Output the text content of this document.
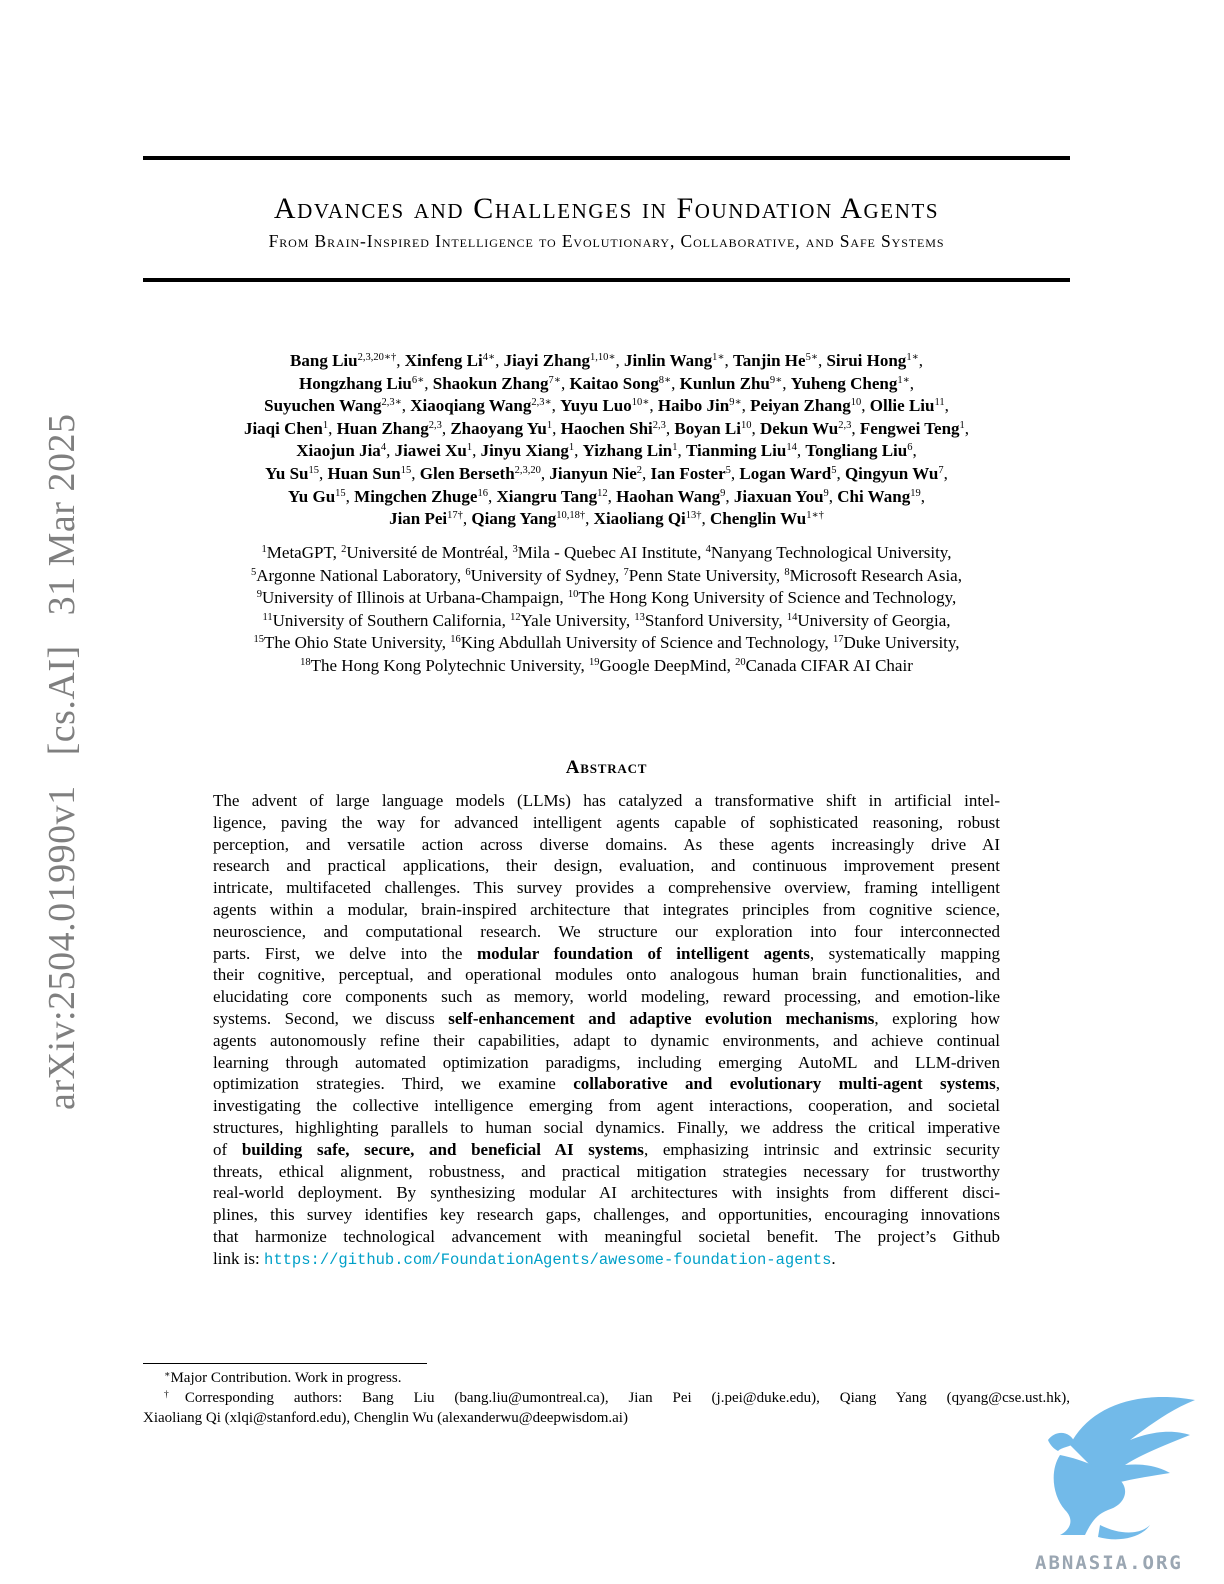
Advances and Challenges in Foundation Agents
From Brain-Inspired Intelligence to Evolutionary, Collaborative, and Safe Systems
arXiv:2504.01990v1 [cs.AI] 31 Mar 2025
Bang Liu$^{2,3,20∗\dagger}$, Xinfeng $Li^{4∗}$, Jiayi Zhang$^{1,10∗}$, Jinlin Wang$^{1∗}$, Tanjin $He^{5∗}$, Sirui Hong$^{1∗}$,
Hongzhang Liu$^{6∗}$, Shaokun Zhang$^{7∗}$, Kaitao Song$^{8∗}$, Kunlun Zhu$^{9∗}$, Yuheng Cheng$^{1∗}$,
Suyuchen Wang$^{2,3∗}$, Xiaoqiang Wang$^{2,3∗}$, Yuyu Luo$^{10∗}$, Haibo Jin$^{9∗}$, Peiyan Zhang$^{10}$, Ollie Liu$^{11}$,
Jiaqi Chen$^1$, Huan Zhang$^{2,3}$, Zhaoyang Yu$^1$, Haochen Shi$^{2,3}$, Boyan Li$^{10}$, Dekun Wu$^{2,3}$, Fengwei Teng$^1$,
Xiaojun Jia$^4$, Jiawei Xu$^1$, Jinyu Xiang$^1$, Yizhang Lin$^1$, Tianming Liu$^{14}$, Tongliang Liu$^6$,
Yu Su$^{15}$, Huan Sun$^{15}$, Glen Berseth$^{2,3,20}$, Jianyun Nie$^2$, Ian Foster$^5$, Logan Ward$^5$, Qingyun Wu$^7$,
Yu Gu$^{15}$, Mingchen Zhuge$^{16}$, Xiangru Tang$^{12}$, Haohan Wang$^9$, Jiaxuan You$^9$, Chi Wang$^{19}$,
Jian Pei$^{17\dagger}$, Qiang Yang$^{10,18\dagger}$, Xiaoliang $Qi^{13\dagger}$, Chenglin $Wu^{1∗\dagger}$
$^1$MetaGPT, $^2$Université de Montréal, $^3$Mila - Quebec AI Institute, $^4$Nanyang Technological University,
$^5$Argonne National Laboratory, $^6$University of Sydney, $^7$Penn State University, $^8$Microsoft Research Asia,
$^9$University of Illinois at Urbana-Champaign, $^{10}$The Hong Kong University of Science and Technology,
$^{11}$University of Southern California, $^{12}$Yale University, $^{13}$Stanford University, $^{14}$University of Georgia,
$^{15}$The Ohio State University, $^{16}$King Abdullah University of Science and Technology, $^{17}$Duke University,
$^{18}$The Hong Kong Polytechnic University, $^{19}$Google DeepMind, $^{20}$Canada CIFAR AI Chair
Abstract
The advent of large language models (LLMs) has catalyzed a transformative shift in artificial intel-
ligence, paving the way for advanced intelligent agents capable of sophisticated reasoning, robust
perception, and versatile action across diverse domains. As these agents increasingly drive AI
research and practical applications, their design, evaluation, and continuous improvement present
intricate, multifaceted challenges. This survey provides a comprehensive overview, framing intelligent
agents within a modular, brain-inspired architecture that integrates principles from cognitive science,
neuroscience, and computational research. We structure our exploration into four interconnected
parts. First, we delve into the modular foundation of intelligent agents, systematically mapping
their cognitive, perceptual, and operational modules onto analogous human brain functionalities, and
elucidating core components such as memory, world modeling, reward processing, and emotion-like
systems. Second, we discuss self-enhancement and adaptive evolution mechanisms, exploring how
agents autonomously refine their capabilities, adapt to dynamic environments, and achieve continual
learning through automated optimization paradigms, including emerging AutoML and LLM-driven
optimization strategies. Third, we examine collaborative and evolutionary multi-agent systems,
investigating the collective intelligence emerging from agent interactions, cooperation, and societal
structures, highlighting parallels to human social dynamics. Finally, we address the critical imperative
of building safe, secure, and beneficial AI systems, emphasizing intrinsic and extrinsic security
threats, ethical alignment, robustness, and practical mitigation strategies necessary for trustworthy
real-world deployment. By synthesizing modular AI architectures with insights from different disci-
plines, this survey identifies key research gaps, challenges, and opportunities, encouraging innovations
that harmonize technological advancement with meaningful societal benefit. The project’s Github
link is: https://github.com/FoundationAgents/awesome-foundation-agents.
∗Major Contribution. Work in progress.
†Corresponding authors: Bang Liu (bang.liu@umontreal.ca), Jian Pei (j.pei@duke.edu), Qiang Yang (qyang@cse.ust.hk),
Xiaoliang Qi (xlqi@stanford.edu), Chenglin Wu (alexanderwu@deepwisdom.ai)
ABNASIA.ORG
